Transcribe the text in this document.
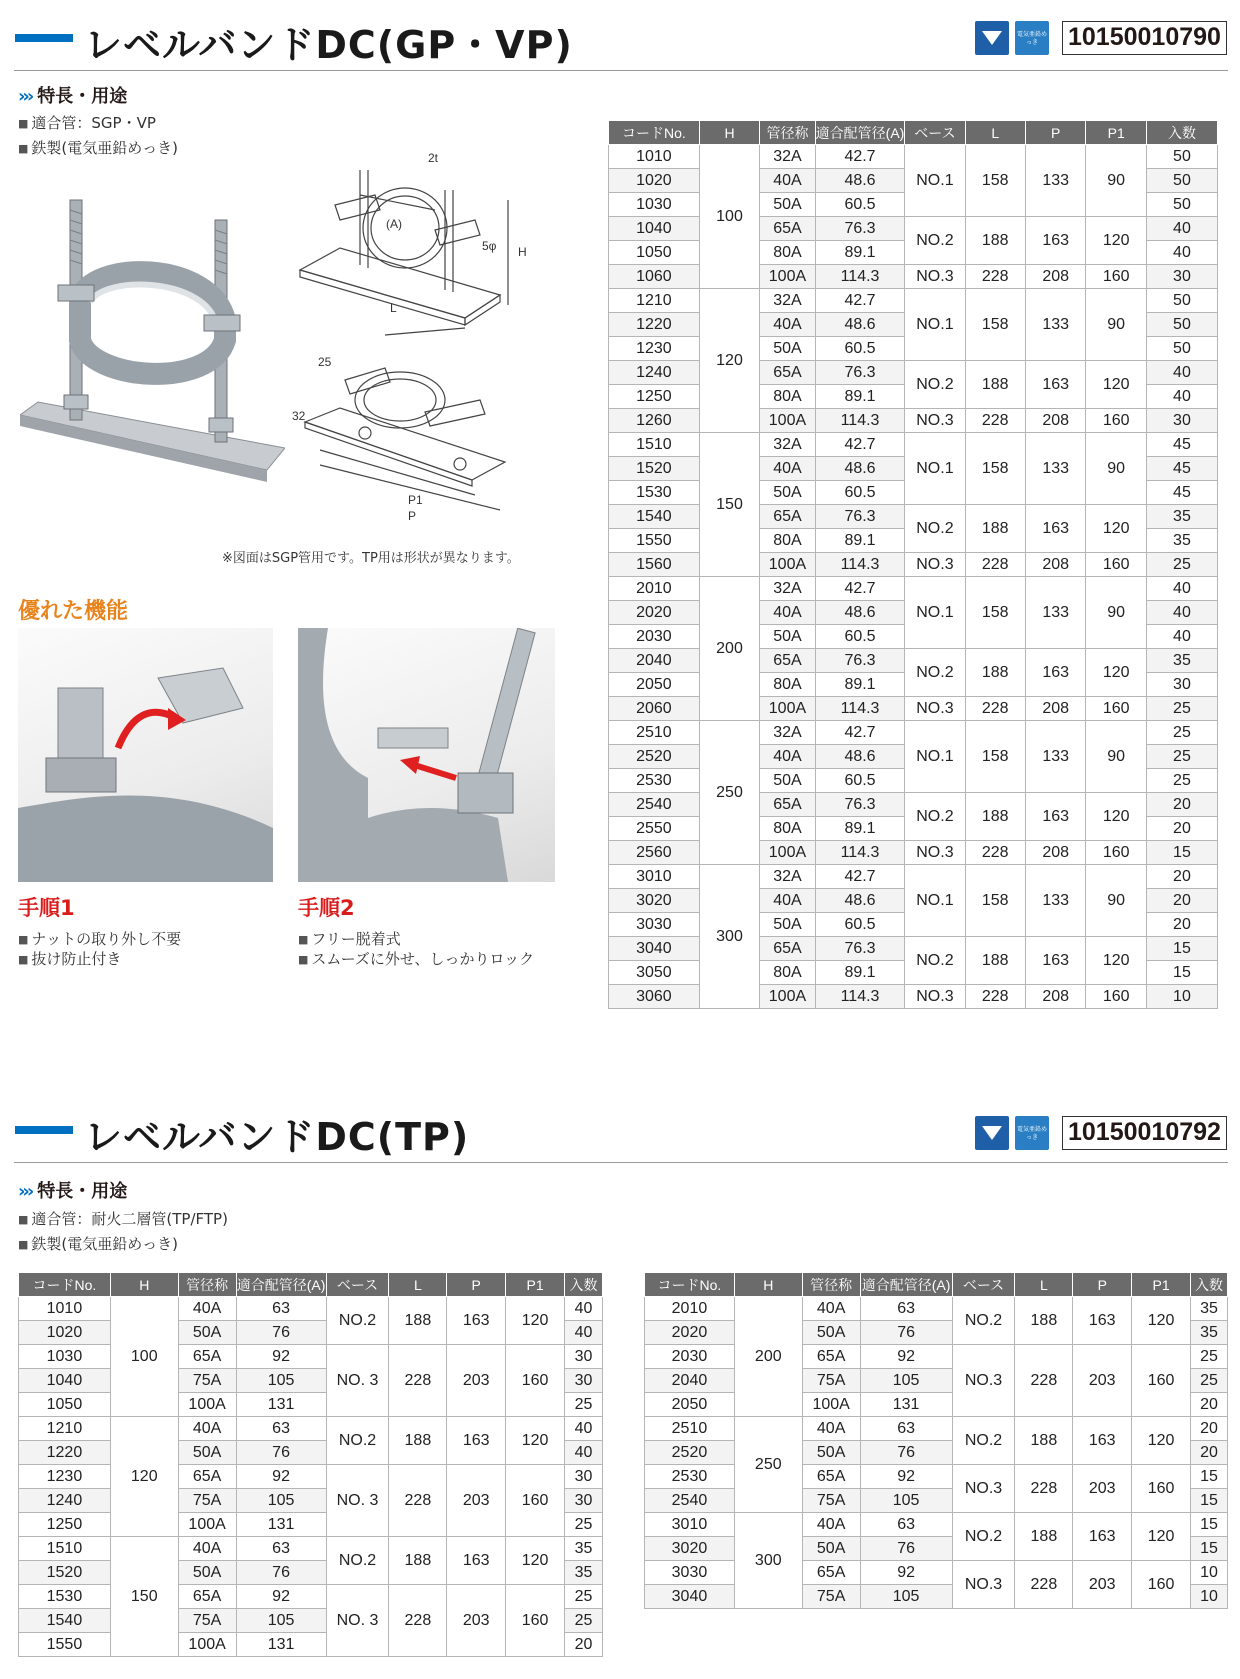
レベルバンドDC(GP・VP)	電気亜鉛めっき	10150010790
››› 特長・用途
■ 適合管：SGP・VP
■ 鉄製(電気亜鉛めっき)
2t
(A)
5φ H
L
25
32
P1
P
※図面はSGP管用です。TP用は形状が異なります。
優れた機能
手順1
■ ナットの取り外し不要
■ 抜け防止付き
手順2
■ フリー脱着式
■ スムーズに外せ、しっかりロック
コードNo.	H	管径称	適合配管径(A)	ベース	L	P	P1	入数
1010	100	32A	42.7	NO.1	158	133	90	50
1020		40A	48.6					50
1030		50A	60.5					50
1040		65A	76.3	NO.2	188	163	120	40
1050		80A	89.1					40
1060		100A	114.3	NO.3	228	208	160	30
1210	120	32A	42.7	NO.1	158	133	90	50
1220		40A	48.6					50
1230		50A	60.5					50
1240		65A	76.3	NO.2	188	163	120	40
1250		80A	89.1					40
1260		100A	114.3	NO.3	228	208	160	30
1510	150	32A	42.7	NO.1	158	133	90	45
1520		40A	48.6					45
1530		50A	60.5					45
1540		65A	76.3	NO.2	188	163	120	35
1550		80A	89.1					35
1560		100A	114.3	NO.3	228	208	160	25
2010	200	32A	42.7	NO.1	158	133	90	40
2020		40A	48.6					40
2030		50A	60.5					40
2040		65A	76.3	NO.2	188	163	120	35
2050		80A	89.1					30
2060		100A	114.3	NO.3	228	208	160	25
2510	250	32A	42.7	NO.1	158	133	90	25
2520		40A	48.6					25
2530		50A	60.5					25
2540		65A	76.3	NO.2	188	163	120	20
2550		80A	89.1					20
2560		100A	114.3	NO.3	228	208	160	15
3010	300	32A	42.7	NO.1	158	133	90	20
3020		40A	48.6					20
3030		50A	60.5					20
3040		65A	76.3	NO.2	188	163	120	15
3050		80A	89.1					15
3060		100A	114.3	NO.3	228	208	160	10
レベルバンドDC(TP)	電気亜鉛めっき	10150010792
››› 特長・用途
■ 適合管：耐火二層管(TP/FTP)
■ 鉄製(電気亜鉛めっき)
コードNo.	H	管径称	適合配管径(A)	ベース	L	P	P1	入数
1010	100	40A	63	NO.2	188	163	120	40
1020		50A	76					40
1030		65A	92	NO. 3	228	203	160	30
1040		75A	105					30
1050		100A	131					25
1210	120	40A	63	NO.2	188	163	120	40
1220		50A	76					40
1230		65A	92	NO. 3	228	203	160	30
1240		75A	105					30
1250		100A	131					25
1510	150	40A	63	NO.2	188	163	120	35
1520		50A	76					35
1530		65A	92	NO. 3	228	203	160	25
1540		75A	105					25
1550		100A	131					20
コードNo.	H	管径称	適合配管径(A)	ベース	L	P	P1	入数
2010	200	40A	63	NO.2	188	163	120	35
2020		50A	76					35
2030		65A	92	NO.3	228	203	160	25
2040		75A	105					25
2050		100A	131					20
2510	250	40A	63	NO.2	188	163	120	20
2520		50A	76					20
2530		65A	92	NO.3	228	203	160	15
2540		75A	105					15
3010	300	40A	63	NO.2	188	163	120	15
3020		50A	76					15
3030		65A	92	NO.3	228	203	160	10
3040		75A	105					10
